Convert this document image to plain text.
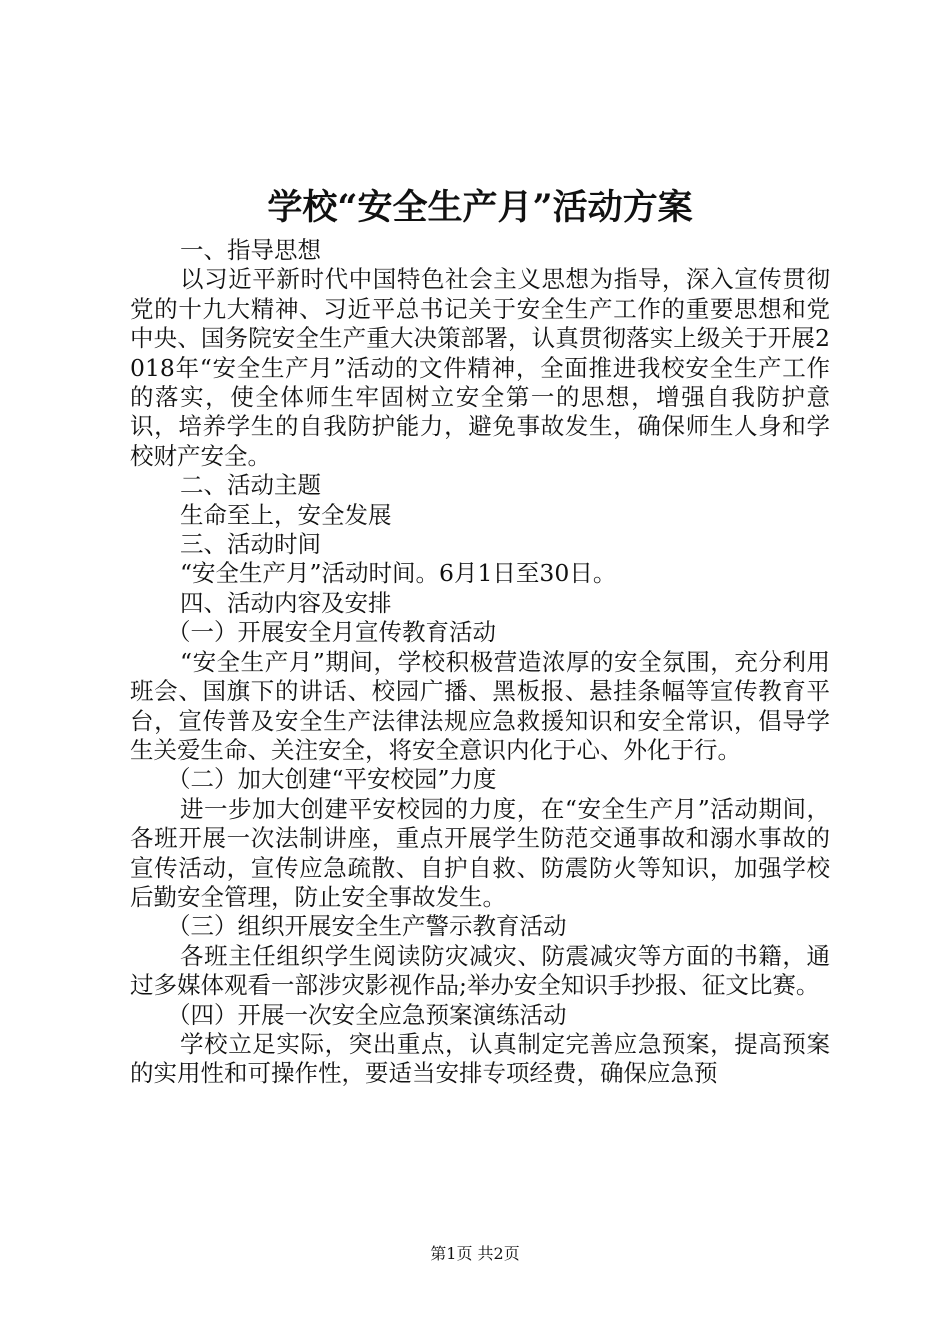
学校“安全生产月”活动方案

一、指导思想

以习近平新时代中国特色社会主义思想为指导，深入宣传贯彻党的十九大精神、习近平总书记关于安全生产工作的重要思想和党中央、国务院安全生产重大决策部署，认真贯彻落实上级关于开展2018年“安全生产月”活动的文件精神，全面推进我校安全生产工作的落实，使全体师生牢固树立安全第一的思想，增强自我防护意识，培养学生的自我防护能力，避免事故发生，确保师生人身和学校财产安全。

二、活动主题

生命至上，安全发展

三、活动时间

“安全生产月”活动时间。6月1日至30日。

四、活动内容及安排

（一）开展安全月宣传教育活动

“安全生产月”期间，学校积极营造浓厚的安全氛围，充分利用班会、国旗下的讲话、校园广播、黑板报、悬挂条幅等宣传教育平台，宣传普及安全生产法律法规应急救援知识和安全常识，倡导学生关爱生命、关注安全，将安全意识内化于心、外化于行。

（二）加大创建“平安校园”力度

进一步加大创建平安校园的力度，在“安全生产月”活动期间，各班开展一次法制讲座，重点开展学生防范交通事故和溺水事故的宣传活动，宣传应急疏散、自护自救、防震防火等知识，加强学校后勤安全管理，防止安全事故发生。

（三）组织开展安全生产警示教育活动

各班主任组织学生阅读防灾减灾、防震减灾等方面的书籍，通过多媒体观看一部涉灾影视作品;举办安全知识手抄报、征文比赛。

（四）开展一次安全应急预案演练活动

学校立足实际，突出重点，认真制定完善应急预案，提高预案的实用性和可操作性，要适当安排专项经费，确保应急预

第1页 共2页
